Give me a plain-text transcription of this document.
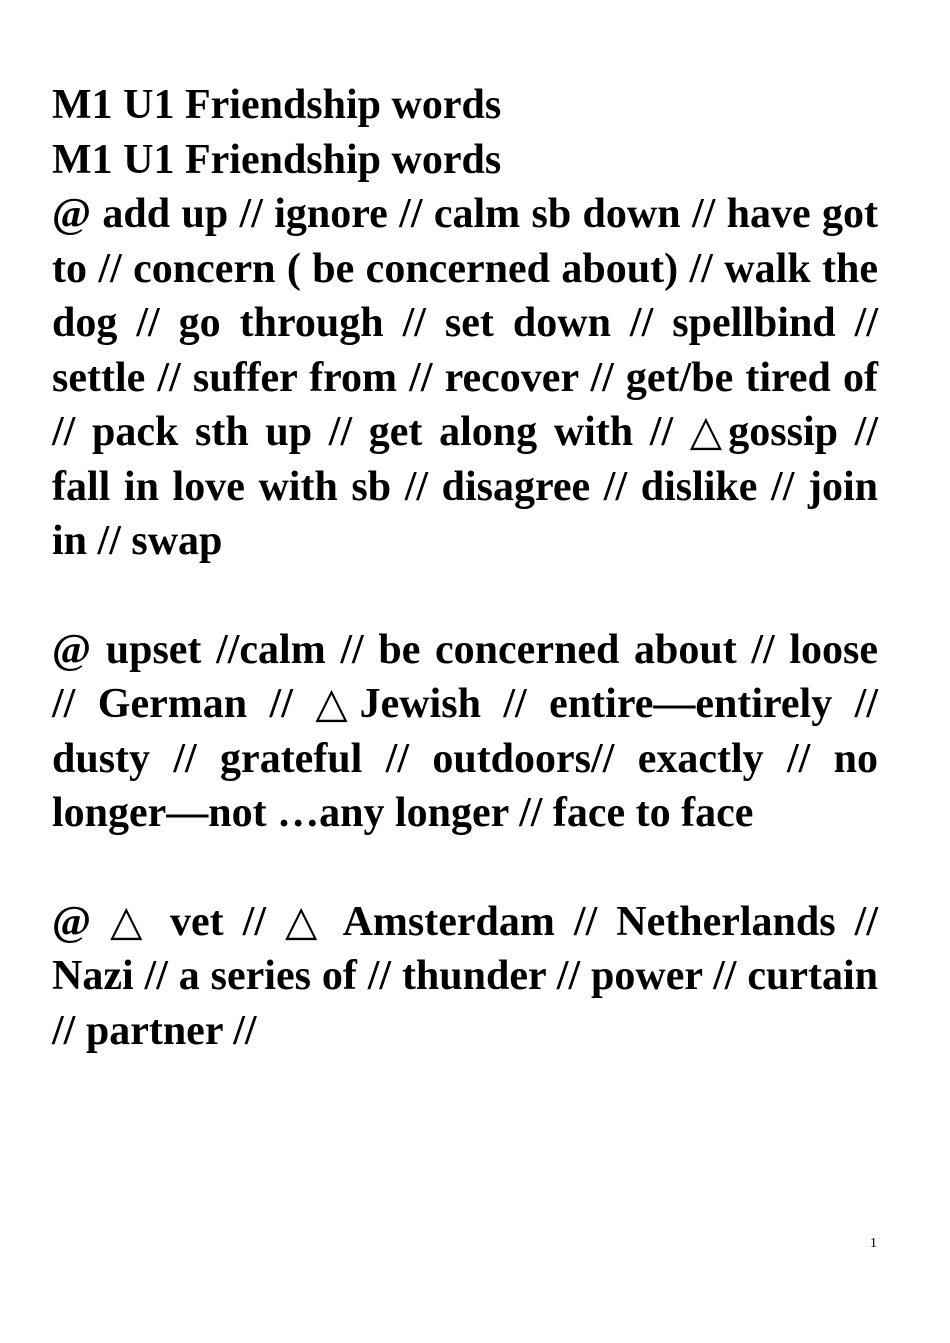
M1 U1 Friendship words
M1 U1 Friendship words
@ add up // ignore // calm sb down // have got to // concern ( be concerned about) // walk the dog // go through // set down // spellbind // settle // suffer from // recover // get/be tired of // pack sth up // get along with // △gossip // fall in love with sb // disagree // dislike // join in // swap
@ upset //calm // be concerned about // loose // German // △Jewish // entire—entirely // dusty // grateful // outdoors// exactly // no longer—not …any longer // face to face
@ △ vet // △ Amsterdam // Netherlands // Nazi // a series of // thunder // power // curtain // partner //
1
